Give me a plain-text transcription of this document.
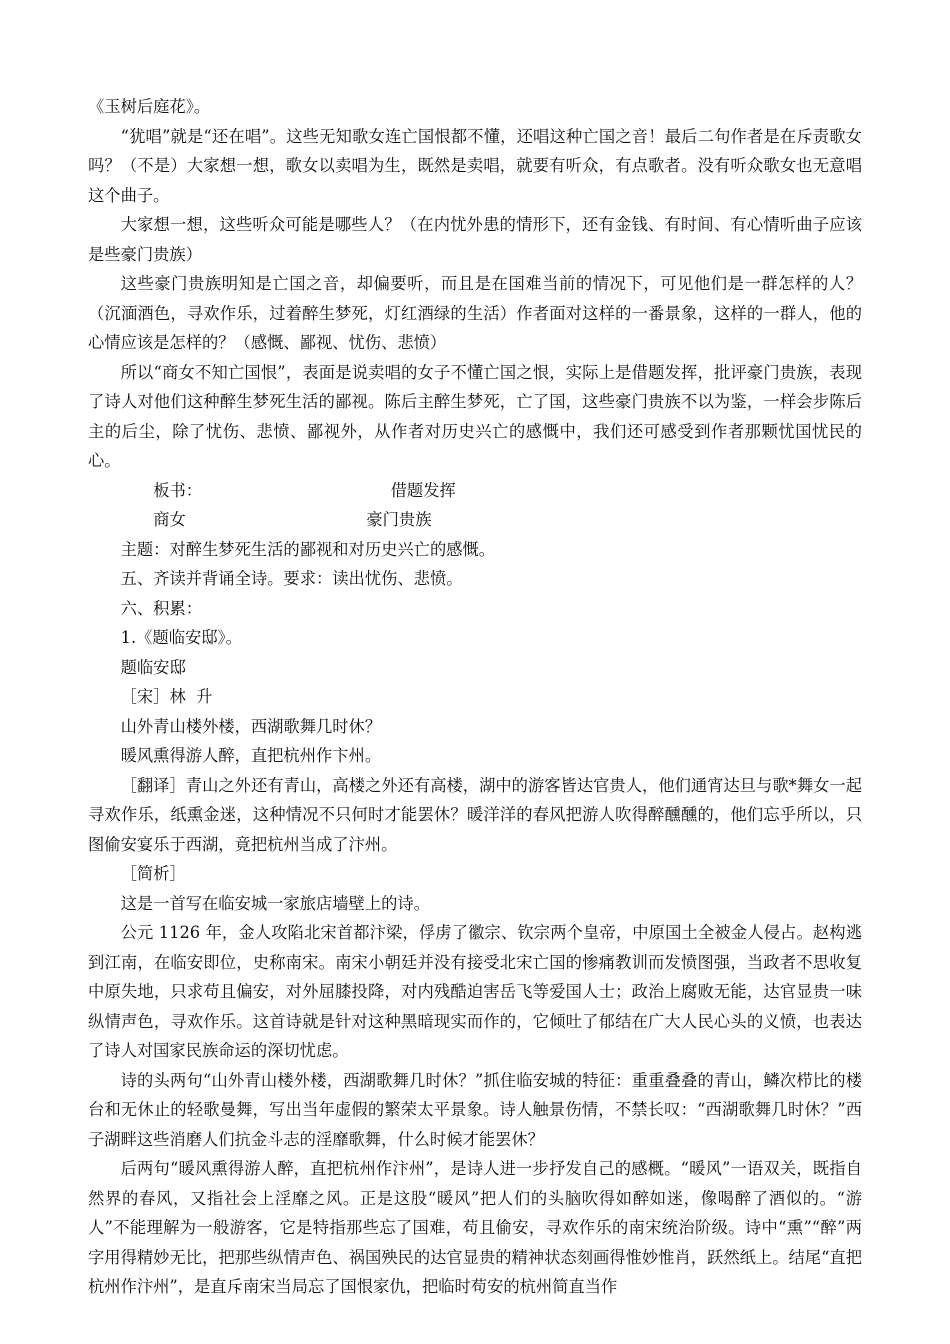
《玉树后庭花》。

“犹唱”就是“还在唱”。这些无知歌女连亡国恨都不懂，还唱这种亡国之音！最后二句作者是在斥责歌女吗？（不是）大家想一想，歌女以卖唱为生，既然是卖唱，就要有听众，有点歌者。没有听众歌女也无意唱这个曲子。

大家想一想，这些听众可能是哪些人？（在内忧外患的情形下，还有金钱、有时间、有心情听曲子应该是些豪门贵族）

这些豪门贵族明知是亡国之音，却偏要听，而且是在国难当前的情况下，可见他们是一群怎样的人？（沉湎酒色，寻欢作乐，过着醉生梦死，灯红酒绿的生活）作者面对这样的一番景象，这样的一群人，他的心情应该是怎样的？（感慨、鄙视、忧伤、悲愤）

所以“商女不知亡国恨”，表面是说卖唱的女子不懂亡国之恨，实际上是借题发挥，批评豪门贵族，表现了诗人对他们这种醉生梦死生活的鄙视。陈后主醉生梦死，亡了国，这些豪门贵族不以为鉴，一样会步陈后主的后尘，除了忧伤、悲愤、鄙视外，从作者对历史兴亡的感慨中，我们还可感受到作者那颗忧国忧民的心。

板书：	借题发挥

商女	豪门贵族

主题：对醉生梦死生活的鄙视和对历史兴亡的感慨。

五、齐读并背诵全诗。要求：读出忧伤、悲愤。

六、积累：

1.《题临安邸》。

题临安邸

［宋］林  升

山外青山楼外楼，西湖歌舞几时休？

暖风熏得游人醉，直把杭州作卞州。

［翻译］青山之外还有青山，高楼之外还有高楼，湖中的游客皆达官贵人，他们通宵达旦与歌*舞女一起寻欢作乐，纸熏金迷，这种情况不只何时才能罢休？暖洋洋的春风把游人吹得醉醺醺的，他们忘乎所以，只图偷安宴乐于西湖，竟把杭州当成了汴州。

［简析］

这是一首写在临安城一家旅店墙壁上的诗。

公元 1126 年，金人攻陷北宋首都汴梁，俘虏了徽宗、钦宗两个皇帝，中原国土全被金人侵占。赵构逃到江南，在临安即位，史称南宋。南宋小朝廷并没有接受北宋亡国的惨痛教训而发愤图强，当政者不思收复中原失地，只求苟且偏安，对外屈膝投降，对内残酷迫害岳飞等爱国人士；政治上腐败无能，达官显贵一味纵情声色，寻欢作乐。这首诗就是针对这种黑暗现实而作的，它倾吐了郁结在广大人民心头的义愤，也表达了诗人对国家民族命运的深切忧虑。

诗的头两句“山外青山楼外楼，西湖歌舞几时休？”抓住临安城的特征：重重叠叠的青山，鳞次栉比的楼台和无休止的轻歌曼舞，写出当年虚假的繁荣太平景象。诗人触景伤情，不禁长叹：“西湖歌舞几时休？”西子湖畔这些消磨人们抗金斗志的淫靡歌舞，什么时候才能罢休？

后两句“暖风熏得游人醉，直把杭州作汴州”，是诗人进一步抒发自己的感概。“暖风”一语双关，既指自然界的春风，又指社会上淫靡之风。正是这股“暖风”把人们的头脑吹得如醉如迷，像喝醉了酒似的。“游人”不能理解为一般游客，它是特指那些忘了国难，苟且偷安，寻欢作乐的南宋统治阶级。诗中“熏”“醉”两字用得精妙无比，把那些纵情声色、祸国殃民的达官显贵的精神状态刻画得惟妙惟肖，跃然纸上。结尾“直把杭州作汴州”，是直斥南宋当局忘了国恨家仇，把临时苟安的杭州简直当作
